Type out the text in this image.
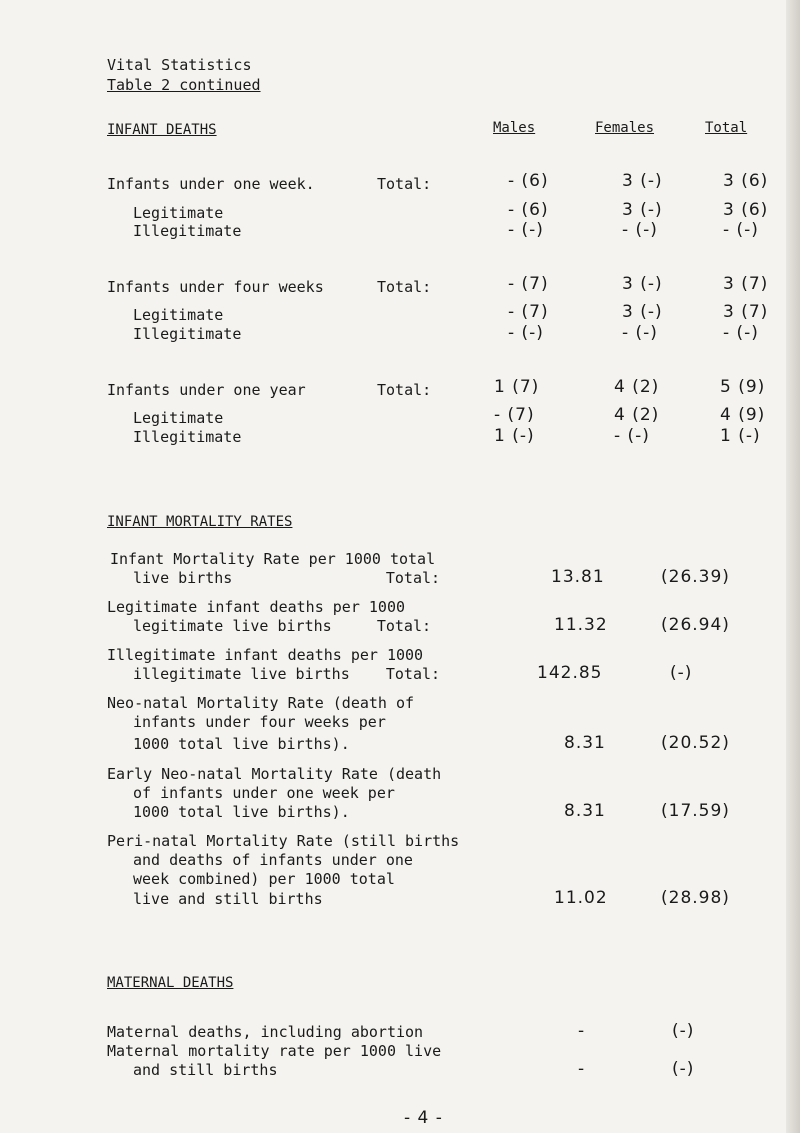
Vital Statistics
Table 2 continued
INFANT DEATHS	Males	Females	Total
Infants under one week.	Total:	- (6)	3 (-)	3 (6)
Legitimate	- (6)	3 (-)	3 (6)
Illegitimate	- (-)	- (-)	- (-)
Infants under four weeks	Total:	- (7)	3 (-)	3 (7)
Legitimate	- (7)	3 (-)	3 (7)
Illegitimate	- (-)	- (-)	- (-)
Infants under one year	Total:	1 (7)	4 (2)	5 (9)
Legitimate	- (7)	4 (2)	4 (9)
Illegitimate	1 (-)	- (-)	1 (-)
INFANT MORTALITY RATES
Infant Mortality Rate per 1000 total
live births                 Total:	13.81	(26.39)
Legitimate infant deaths per 1000
legitimate live births     Total:	11.32	(26.94)
Illegitimate infant deaths per 1000
illegitimate live births    Total:	142.85	(-)
Neo-natal Mortality Rate (death of
infants under four weeks per
1000 total live births).	8.31	(20.52)
Early Neo-natal Mortality Rate (death
of infants under one week per
1000 total live births).	8.31	(17.59)
Peri-natal Mortality Rate (still births
and deaths of infants under one
week combined) per 1000 total
live and still births	11.02	(28.98)
MATERNAL DEATHS
Maternal deaths, including abortion	-	(-)
Maternal mortality rate per 1000 live
and still births	-	(-)
- 4 -
